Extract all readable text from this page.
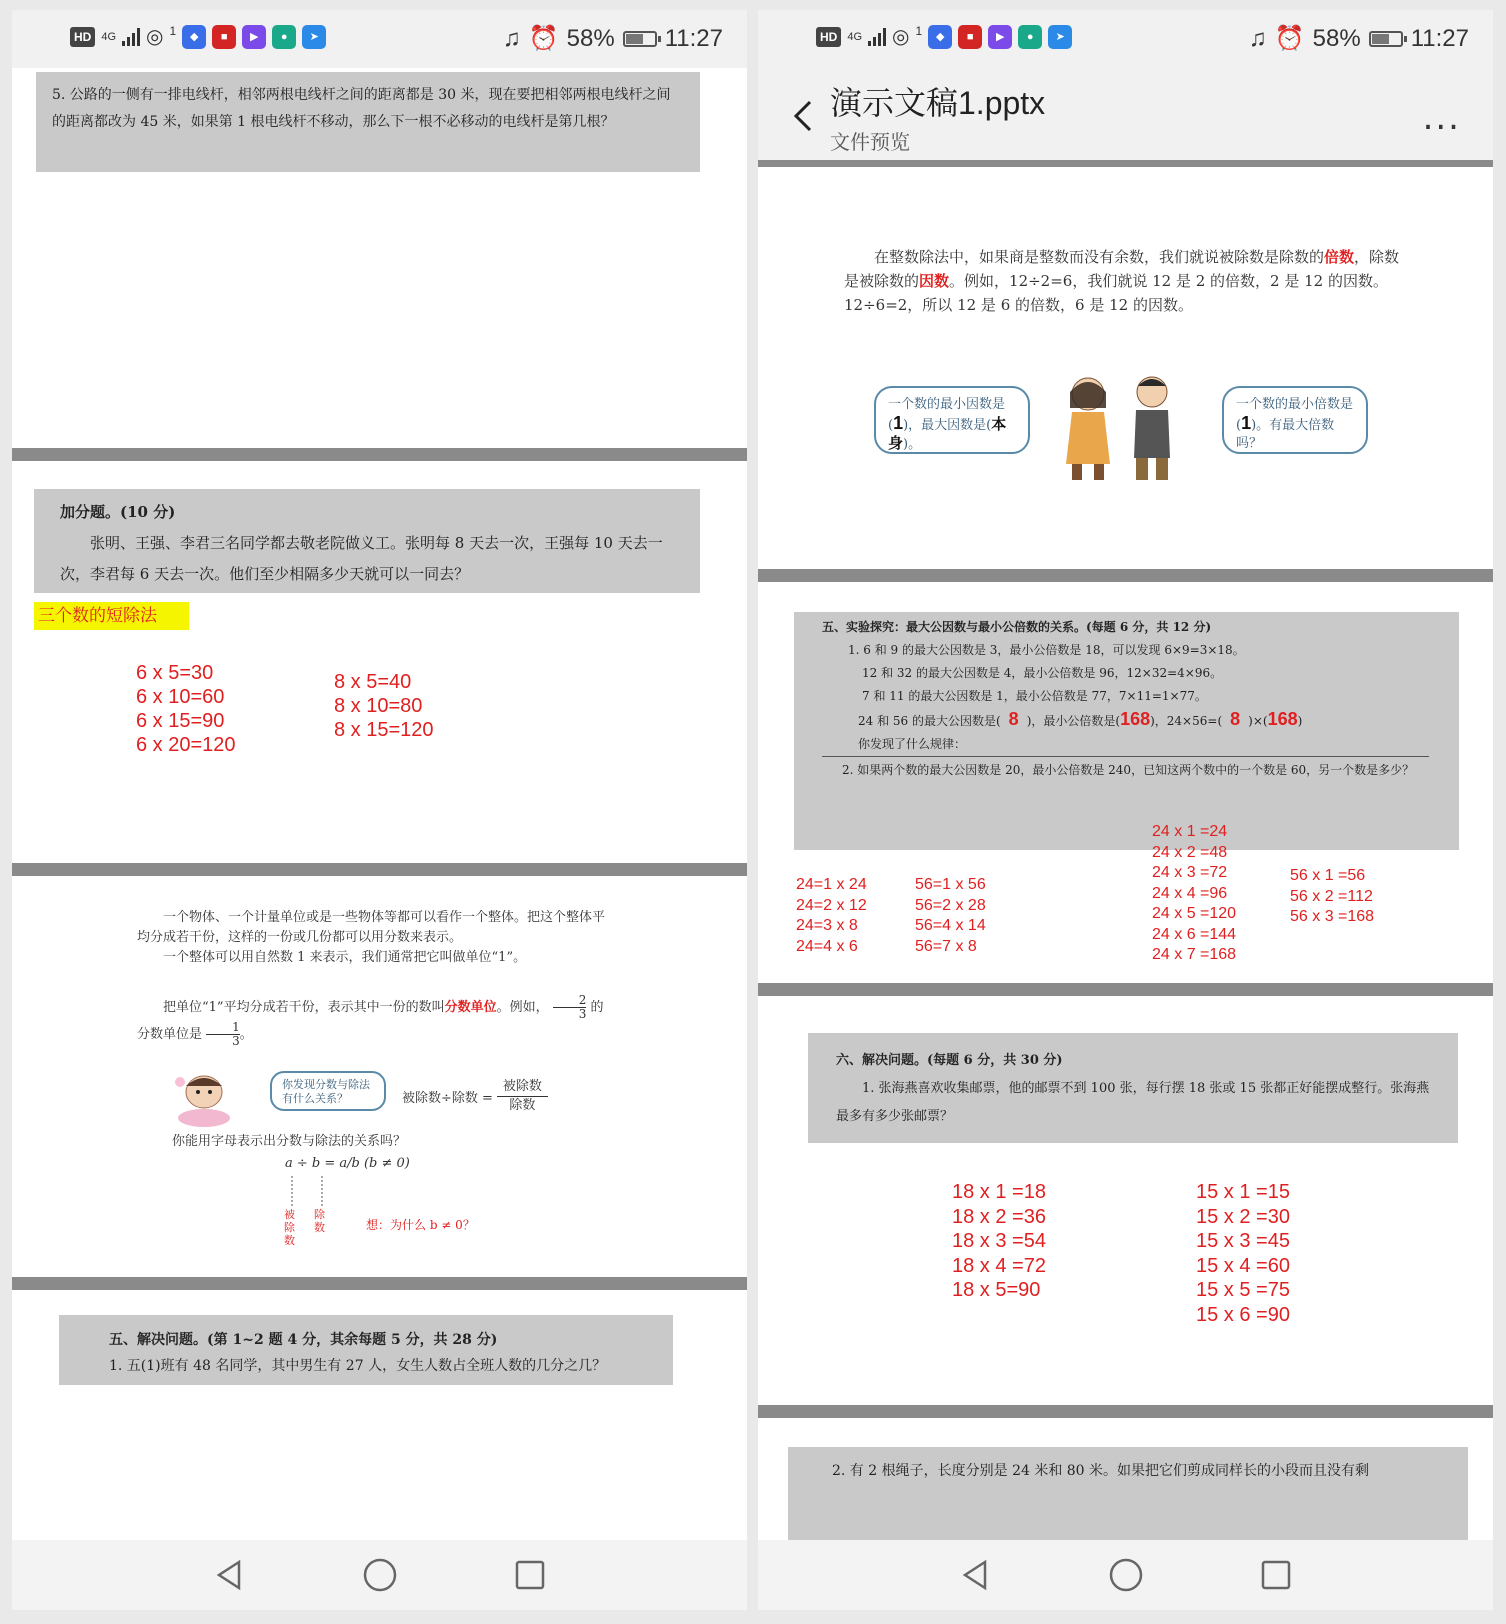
HD 4G ◎ 1	◆	■	▶	●	➤	♫ ⏰ 58% 11:27

5. 公路的一侧有一排电线杆，相邻两根电线杆之间的距离都是 30 米，现在要把相邻两根电线杆之间的距离都改为 45 米，如果第 1 根电线杆不移动，那么下一根不必移动的电线杆是第几根？

加分题。(10 分)

张明、王强、李君三名同学都去敬老院做义工。张明每 8 天去一次，王强每 10 天去一次，李君每 6 天去一次。他们至少相隔多少天就可以一同去？

三个数的短除法
6 x 5=30
6 x 10=60
6 x 15=90
6 x 20=120
8 x 5=40
8 x 10=80
8 x 15=120

一个物体、一个计量单位或是一些物体等都可以看作一个整体。把这个整体平均分成若干份，这样的一份或几份都可以用分数来表示。

一个整体可以用自然数 1 来表示，我们通常把它叫做单位“1”。

把单位“1”平均分成若干份，表示其中一份的数叫分数单位。例如， $\frac{2}{3}$ 的分数单位是 $\frac{1}{3}$ 。

你发现分数与除法有什么关系？	被除数÷除数 =
被除数
除数
你能用字母表示出分数与除法的关系吗？
a ÷ b = a/b (b ≠ 0)
被除数
除数	想：为什么 b ≠ 0？

五、解决问题。(第 1~2 题 4 分，其余每题 5 分，共 28 分)

1. 五(1)班有 48 名同学，其中男生有 27 人，女生人数占全班人数的几分之几？

HD 4G ◎ 1	◆	■	▶	●	➤	♫ ⏰ 58% 11:27
演示文稿1.pptx
文件预览
...

在整数除法中，如果商是整数而没有余数，我们就说被除数是除数的倍数，除数是被除数的因数。例如，12÷2=6，我们就说 12 是 2 的倍数，2 是 12 的因数。12÷6=2，所以 12 是 6 的倍数，6 是 12 的因数。

一个数的最小因数是(1)，最大因数是(本身)。
一个数的最小倍数是(1)。有最大倍数吗？

五、实验探究：最大公因数与最小公倍数的关系。(每题 6 分，共 12 分)

1. 6 和 9 的最大公因数是 3，最小公倍数是 18，可以发现 6×9=3×18。

12 和 32 的最大公因数是 4，最小公倍数是 96，12×32=4×96。

7 和 11 的最大公因数是 1，最小公倍数是 77，7×11=1×77。

24 和 56 的最大公因数是( 8 )，最小公倍数是(168)，24×56=( 8 )×(168)

你发现了什么规律：

2. 如果两个数的最大公因数是 20，最小公倍数是 240，已知这两个数中的一个数是 60，另一个数是多少？

24 x 1 =24
24 x 2 =48
24 x 3 =72
24 x 4 =96
24 x 5 =120
24 x 6 =144
24 x 7 =168
24=1 x 24
24=2 x 12
24=3 x 8
24=4 x 6
56=1 x 56
56=2 x 28
56=4 x 14
56=7 x 8
56 x 1 =56
56 x 2 =112
56 x 3 =168

六、解决问题。(每题 6 分，共 30 分)

1. 张海燕喜欢收集邮票，他的邮票不到 100 张，每行摆 18 张或 15 张都正好能摆成整行。张海燕最多有多少张邮票？

18 x 1 =18
18 x 2 =36
18 x 3 =54
18 x 4 =72
18 x 5=90
15 x 1 =15
15 x 2 =30
15 x 3 =45
15 x 4 =60
15 x 5 =75
15 x 6 =90

2. 有 2 根绳子，长度分别是 24 米和 80 米。如果把它们剪成同样长的小段而且没有剩
